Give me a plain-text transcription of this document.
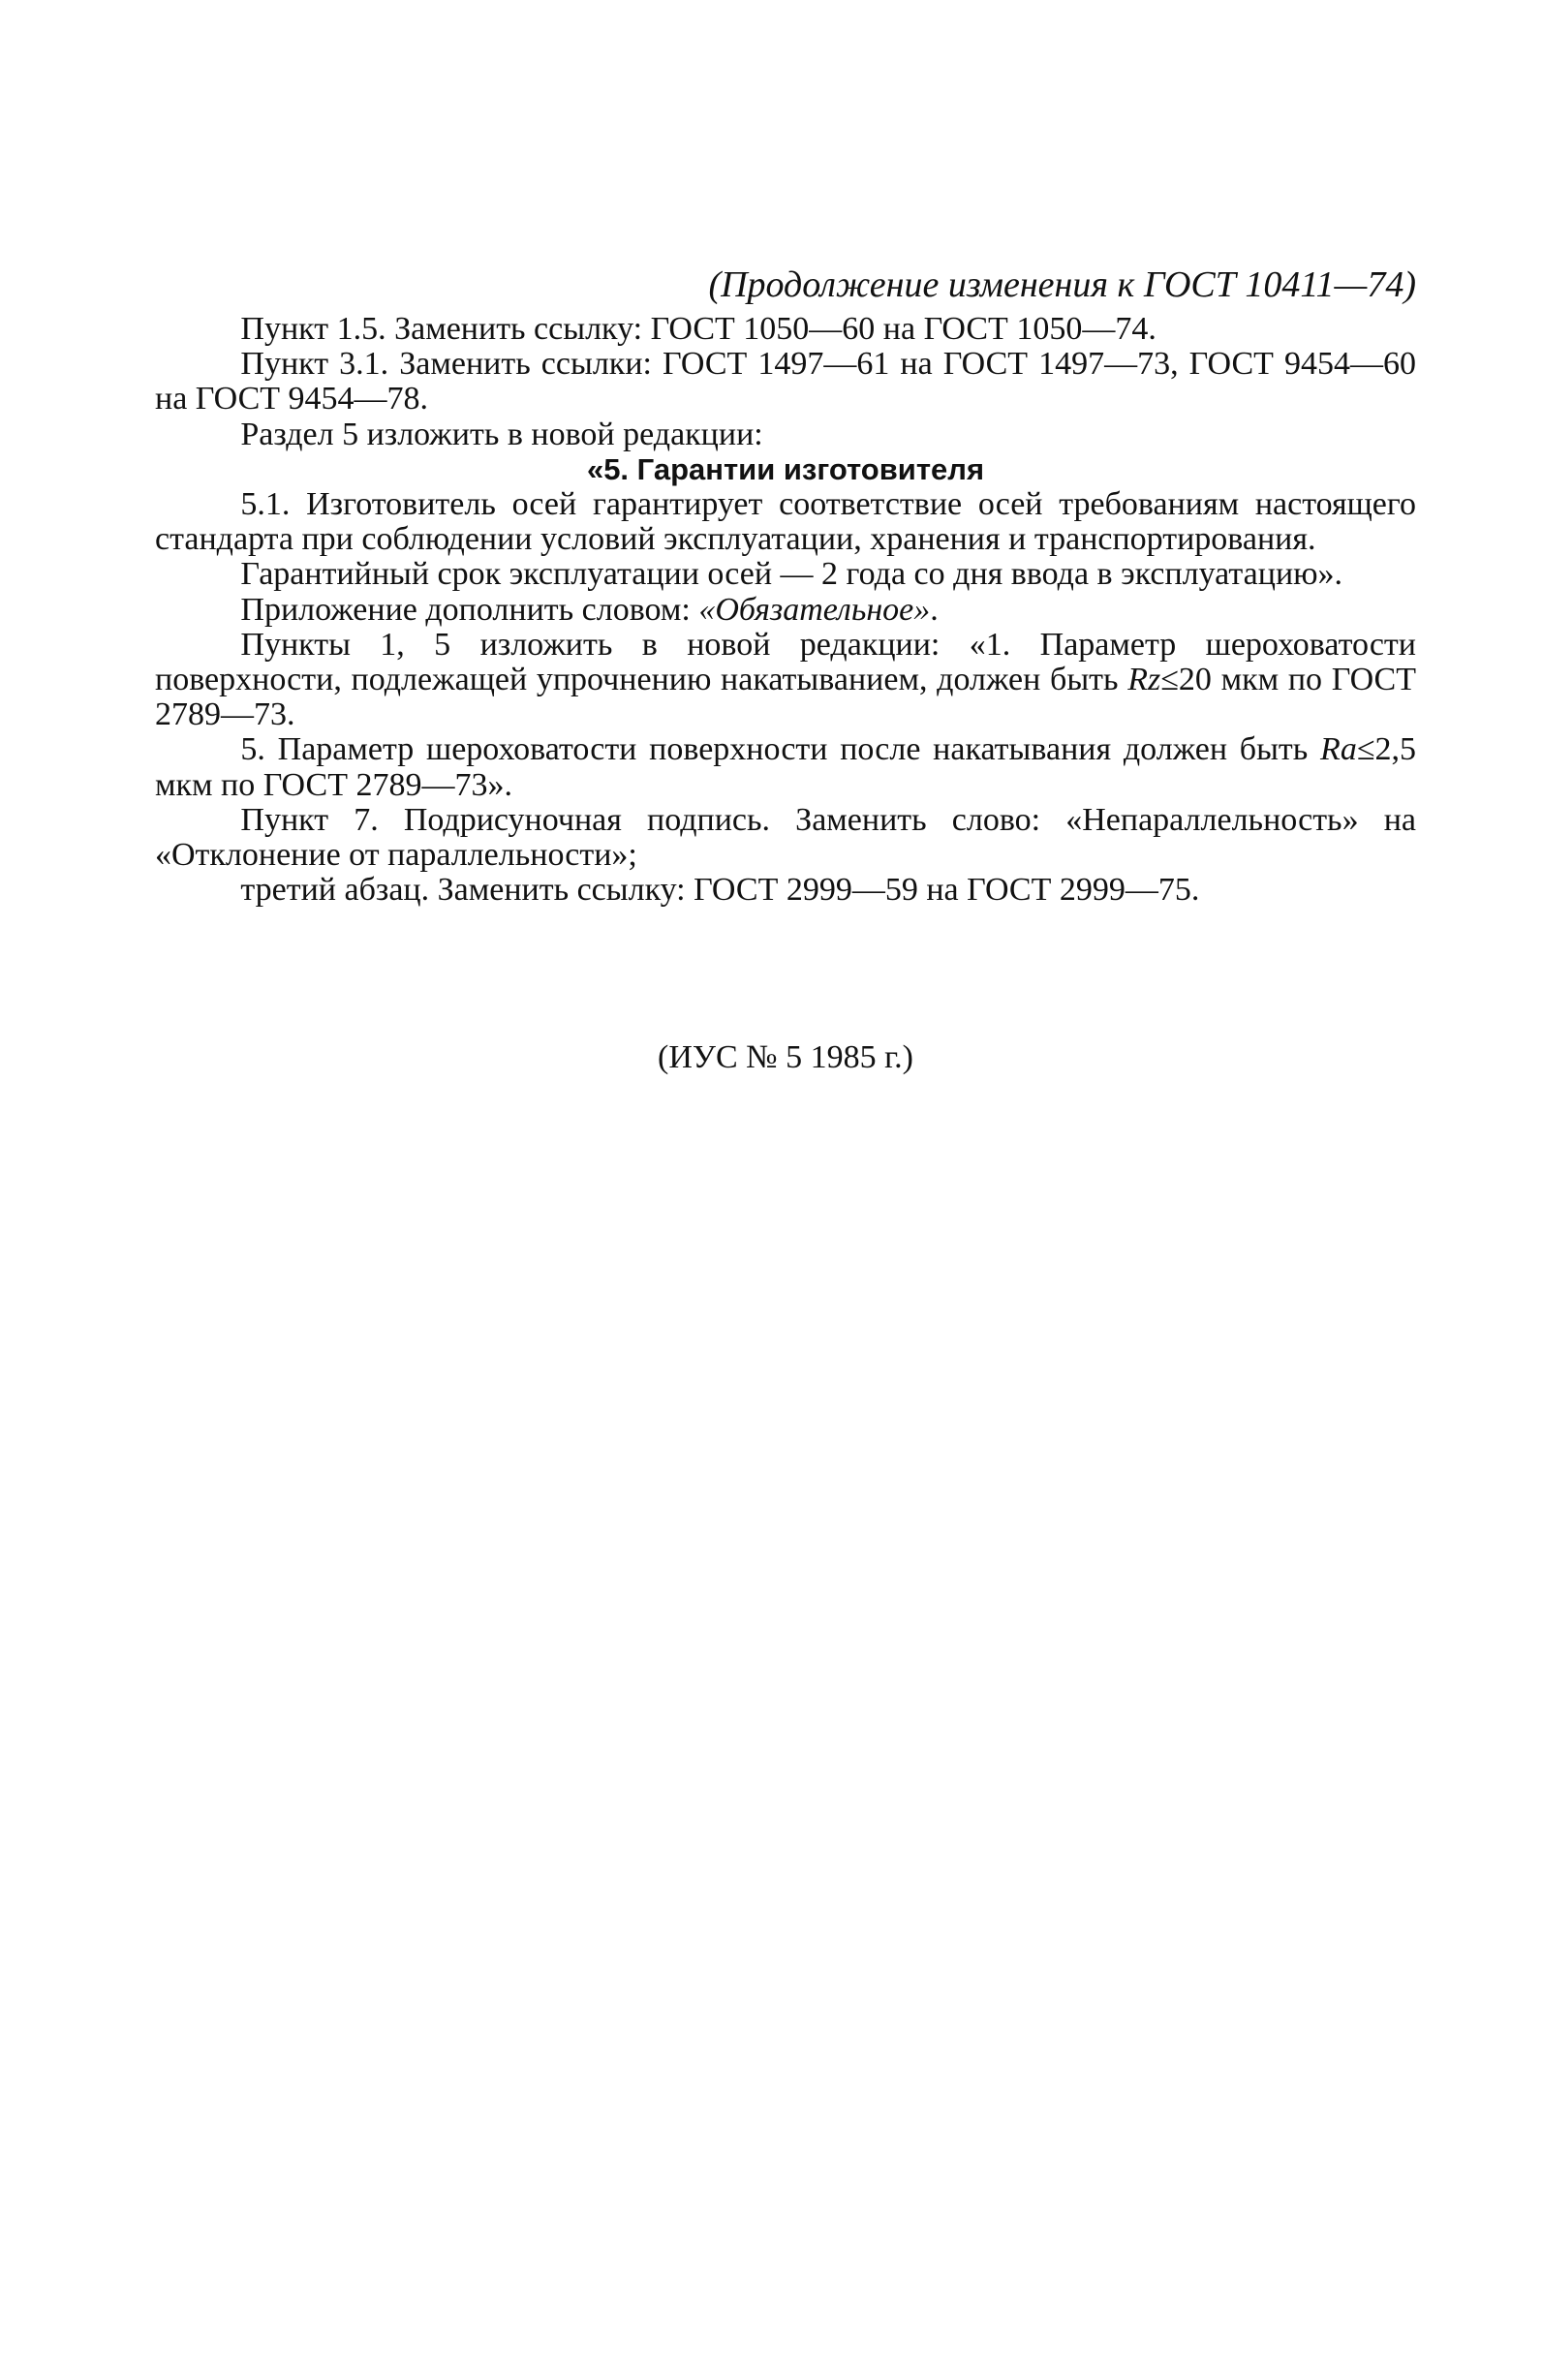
(Продолжение изменения к ГОСТ 10411—74)

Пункт 1.5. Заменить ссылку: ГОСТ 1050—60 на ГОСТ 1050—74.

Пункт 3.1. Заменить ссылки: ГОСТ 1497—61 на ГОСТ 1497—73, ГОСТ 9454—60 на ГОСТ 9454—78.

Раздел 5 изложить в новой редакции:

«5. Гарантии изготовителя

5.1. Изготовитель осей гарантирует соответствие осей требованиям настоящего стандарта при соблюдении условий эксплуатации, хранения и транспортирования.

Гарантийный срок эксплуатации осей — 2 года со дня ввода в эксплуатацию».

Приложение дополнить словом: «Обязательное».

Пункты 1, 5 изложить в новой редакции: «1. Параметр шероховатости поверхности, подлежащей упрочнению накатыванием, должен быть Rz≤20 мкм по ГОСТ 2789—73.

5. Параметр шероховатости поверхности после накатывания должен быть Ra≤2,5 мкм по ГОСТ 2789—73».

Пункт 7. Подрисуночная подпись. Заменить слово: «Непараллельность» на «Отклонение от параллельности»;

третий абзац. Заменить ссылку: ГОСТ 2999—59 на ГОСТ 2999—75.

(ИУС № 5 1985 г.)
